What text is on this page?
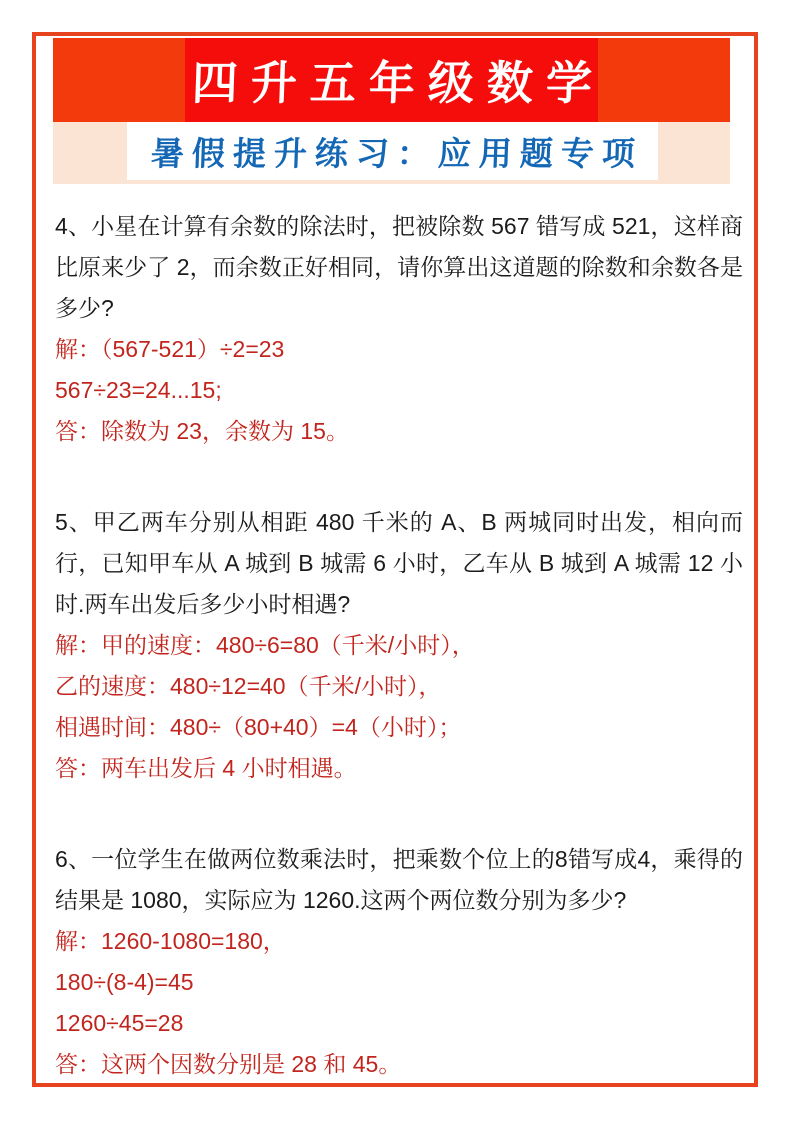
四升五年级数学
暑假提升练习：应用题专项
4、小星在计算有余数的除法时，把被除数 567 错写成 521，这样商比原来少了 2，而余数正好相同，请你算出这道题的除数和余数各是多少?
解：（567-521）÷2=23
567÷23=24...15;
答：除数为 23，余数为 15。
5、甲乙两车分别从相距 480 千米的 A、B 两城同时出发，相向而行，已知甲车从 A 城到 B 城需 6 小时，乙车从 B 城到 A 城需 12 小时.两车出发后多少小时相遇?
解：甲的速度：480÷6=80（千米/小时），
乙的速度：480÷12=40（千米/小时），
相遇时间：480÷（80+40）=4（小时）；
答：两车出发后 4 小时相遇。
6、一位学生在做两位数乘法时，把乘数个位上的8错写成4，乘得的结果是 1080，实际应为 1260.这两个两位数分别为多少?
解：1260-1080=180，
180÷(8-4)=45
1260÷45=28
答：这两个因数分别是 28 和 45。
